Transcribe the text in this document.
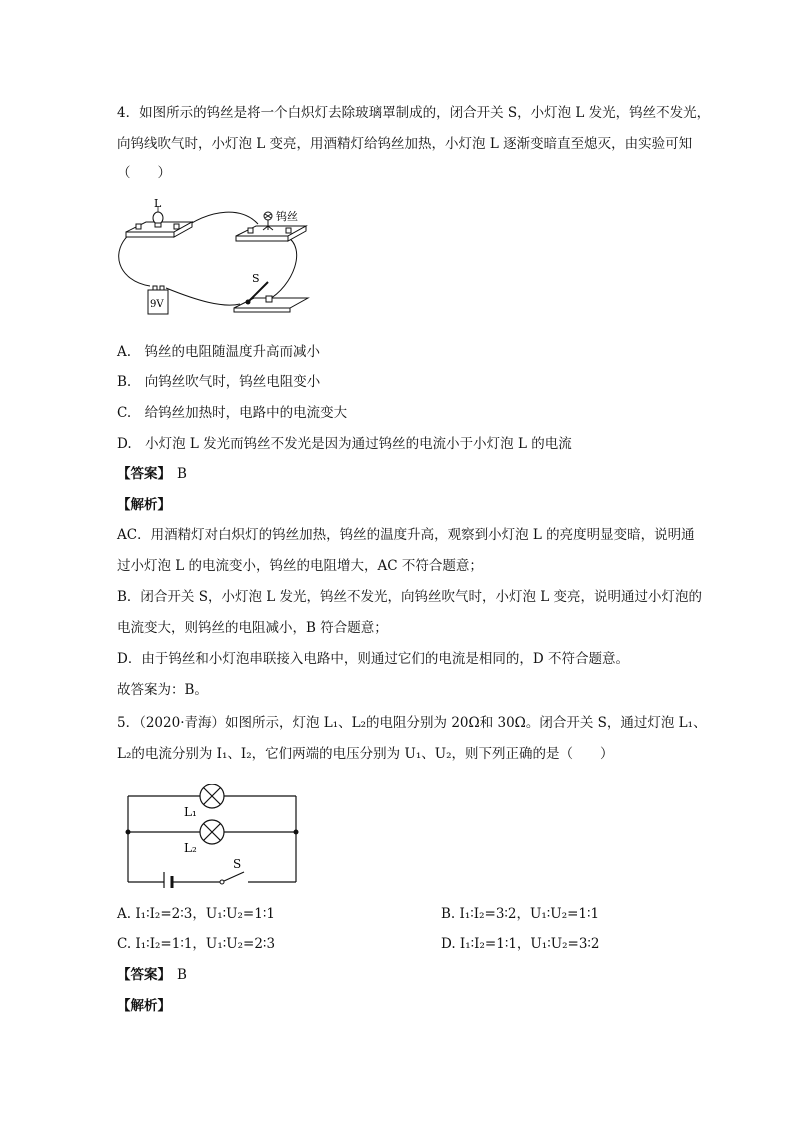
4．如图所示的钨丝是将一个白炽灯去除玻璃罩制成的，闭合开关 S，小灯泡 L 发光，钨丝不发光，
向钨线吹气时，小灯泡 L 变亮，用酒精灯给钨丝加热，小灯泡 L 逐渐变暗直至熄灭，由实验可知
（　　）
L
钨丝
S
9V
A.　钨丝的电阻随温度升高而减小
B.　向钨丝吹气时，钨丝电阻变小
C.　给钨丝加热时，电路中的电流变大
D.　小灯泡 L 发光而钨丝不发光是因为通过钨丝的电流小于小灯泡 L 的电流
【答案】 B
【解析】
AC．用酒精灯对白炽灯的钨丝加热，钨丝的温度升高，观察到小灯泡 L 的亮度明显变暗，说明通
过小灯泡 L 的电流变小，钨丝的电阻增大，AC 不符合题意；
B．闭合开关 S，小灯泡 L 发光，钨丝不发光，向钨丝吹气时，小灯泡 L 变亮，说明通过小灯泡的
电流变大，则钨丝的电阻减小，B 符合题意；
D．由于钨丝和小灯泡串联接入电路中，则通过它们的电流是相同的，D 不符合题意。
故答案为：B。
5．（2020·青海）如图所示，灯泡 L₁、L₂的电阻分别为 20Ω和 30Ω。闭合开关 S，通过灯泡 L₁、
L₂的电流分别为 I₁、I₂，它们两端的电压分别为 U₁、U₂，则下列正确的是（　　）
L₁
L₂
S
A. I₁∶I₂=2∶3，U₁∶U₂=1∶1	B. I₁∶I₂=3∶2，U₁∶U₂=1∶1
C. I₁∶I₂=1∶1，U₁∶U₂=2∶3	D. I₁∶I₂=1∶1，U₁∶U₂=3∶2
【答案】 B
【解析】
